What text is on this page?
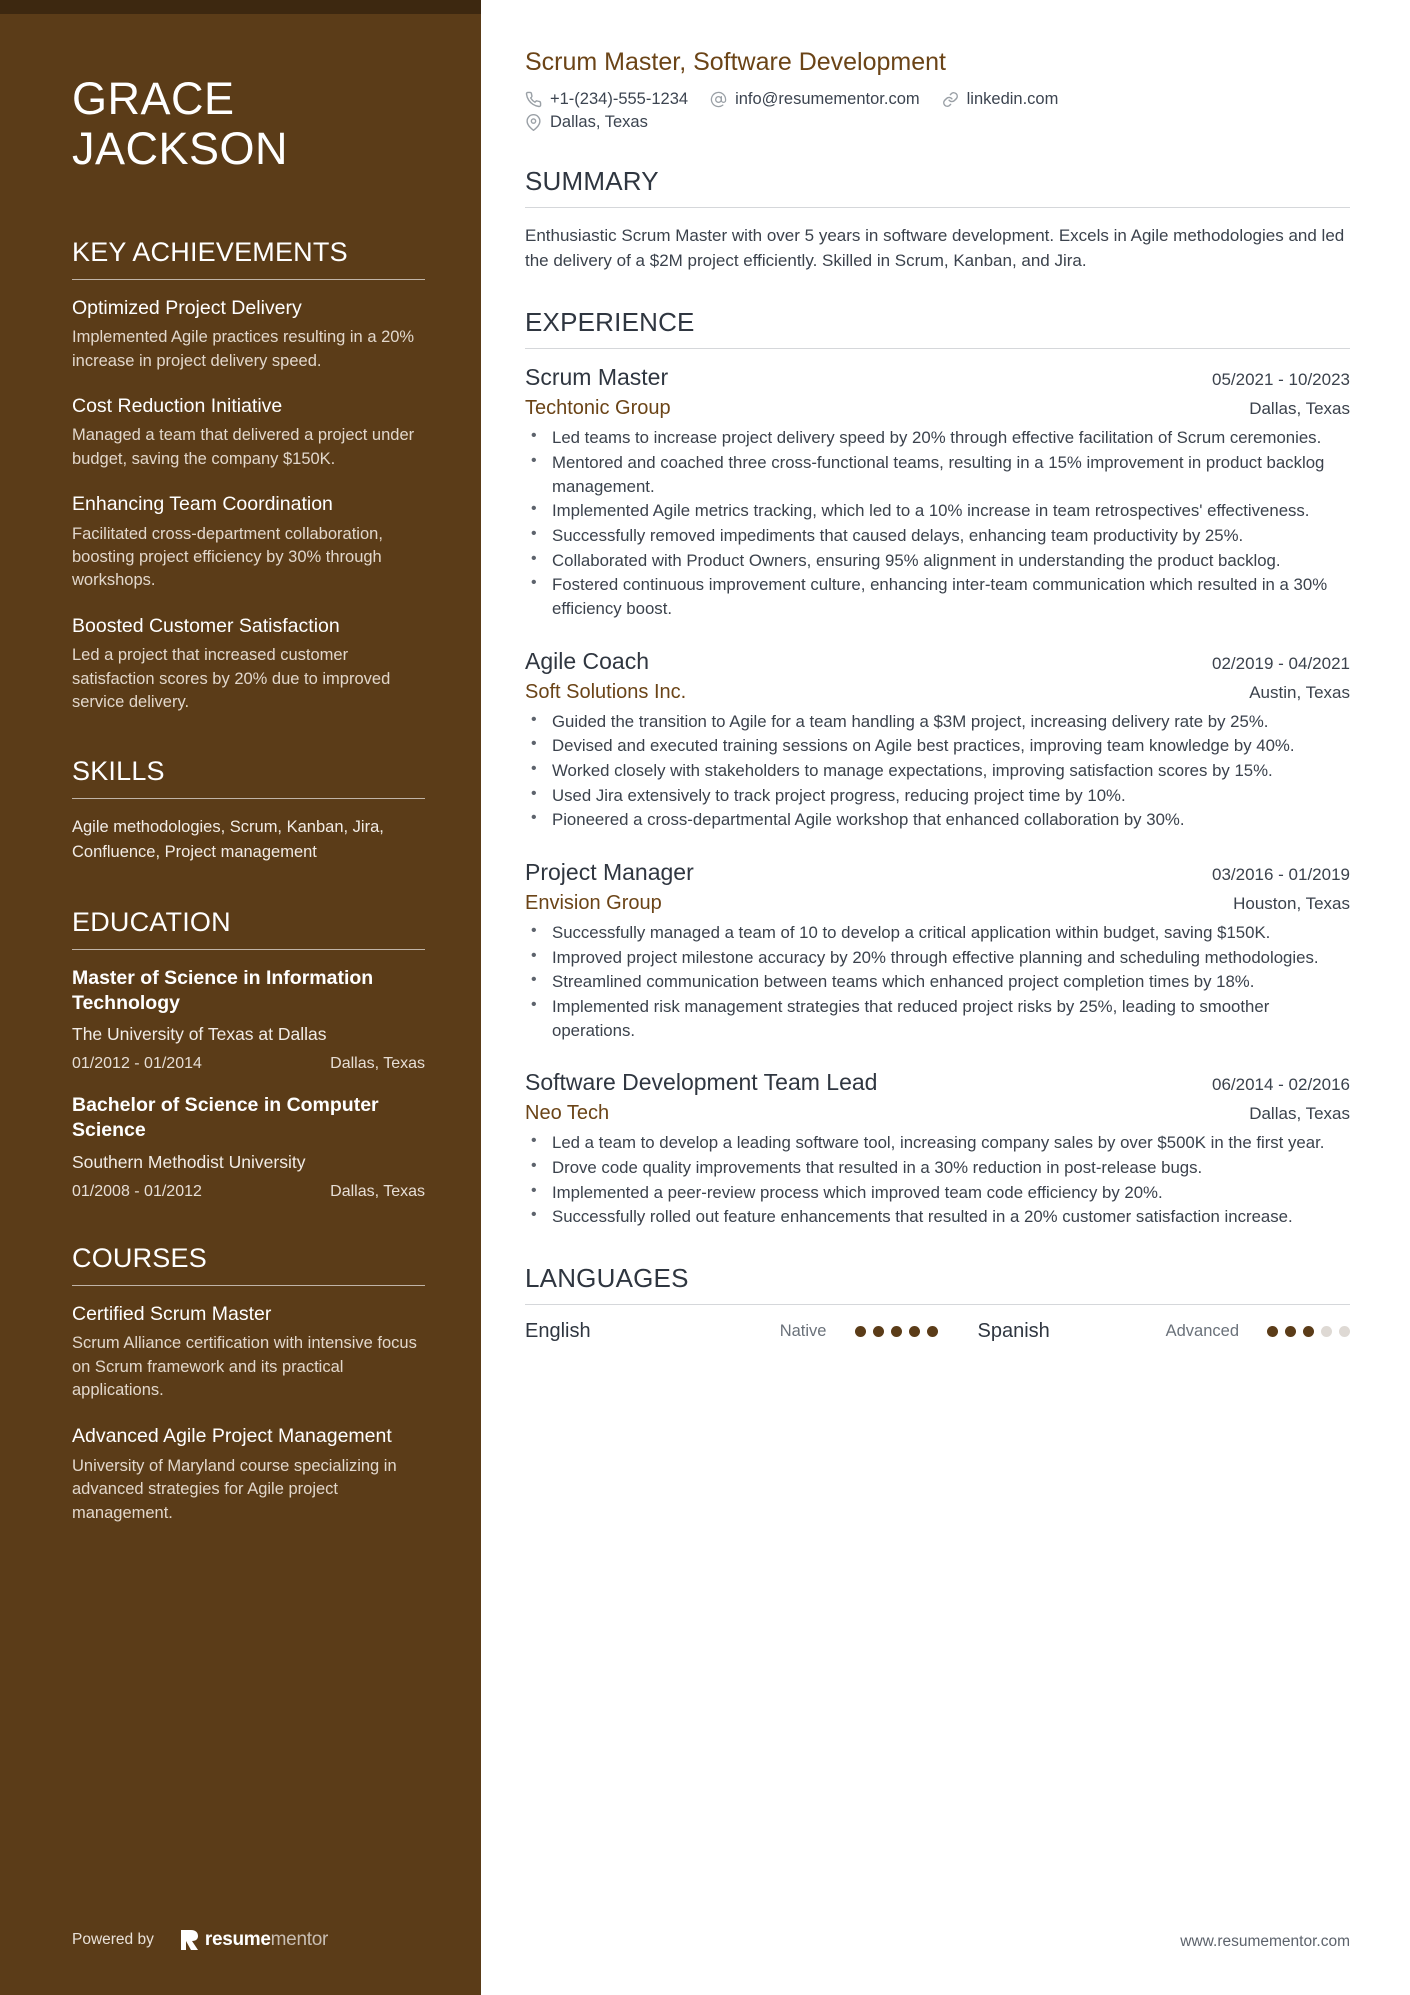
GRACE
JACKSON
KEY ACHIEVEMENTS
Optimized Project Delivery
Implemented Agile practices resulting in a 20% increase in project delivery speed.
Cost Reduction Initiative
Managed a team that delivered a project under budget, saving the company $150K.
Enhancing Team Coordination
Facilitated cross-department collaboration, boosting project efficiency by 30% through workshops.
Boosted Customer Satisfaction
Led a project that increased customer satisfaction scores by 20% due to improved service delivery.
SKILLS
Agile methodologies, Scrum, Kanban, Jira, Confluence, Project management
EDUCATION
Master of Science in Information Technology
The University of Texas at Dallas
01/2012 - 01/2014	Dallas, Texas
Bachelor of Science in Computer Science
Southern Methodist University
01/2008 - 01/2012	Dallas, Texas
COURSES
Certified Scrum Master
Scrum Alliance certification with intensive focus on Scrum framework and its practical applications.
Advanced Agile Project Management
University of Maryland course specializing in advanced strategies for Agile project management.
Powered by	resumementor
Scrum Master, Software Development
+1-(234)-555-1234	info@resumementor.com	linkedin.com
Dallas, Texas
SUMMARY

Enthusiastic Scrum Master with over 5 years in software development. Excels in Agile methodologies and led the delivery of a $2M project efficiently. Skilled in Scrum, Kanban, and Jira.

EXPERIENCE
Scrum Master	05/2021 - 10/2023
Techtonic Group	Dallas, Texas
• Led teams to increase project delivery speed by 20% through effective facilitation of Scrum ceremonies.
• Mentored and coached three cross-functional teams, resulting in a 15% improvement in product backlog management.
• Implemented Agile metrics tracking, which led to a 10% increase in team retrospectives' effectiveness.
• Successfully removed impediments that caused delays, enhancing team productivity by 25%.
• Collaborated with Product Owners, ensuring 95% alignment in understanding the product backlog.
• Fostered continuous improvement culture, enhancing inter-team communication which resulted in a 30% efficiency boost.
Agile Coach	02/2019 - 04/2021
Soft Solutions Inc.	Austin, Texas
• Guided the transition to Agile for a team handling a $3M project, increasing delivery rate by 25%.
• Devised and executed training sessions on Agile best practices, improving team knowledge by 40%.
• Worked closely with stakeholders to manage expectations, improving satisfaction scores by 15%.
• Used Jira extensively to track project progress, reducing project time by 10%.
• Pioneered a cross-departmental Agile workshop that enhanced collaboration by 30%.
Project Manager	03/2016 - 01/2019
Envision Group	Houston, Texas
• Successfully managed a team of 10 to develop a critical application within budget, saving $150K.
• Improved project milestone accuracy by 20% through effective planning and scheduling methodologies.
• Streamlined communication between teams which enhanced project completion times by 18%.
• Implemented risk management strategies that reduced project risks by 25%, leading to smoother operations.
Software Development Team Lead	06/2014 - 02/2016
Neo Tech	Dallas, Texas
• Led a team to develop a leading software tool, increasing company sales by over $500K in the first year.
• Drove code quality improvements that resulted in a 30% reduction in post-release bugs.
• Implemented a peer-review process which improved team code efficiency by 20%.
• Successfully rolled out feature enhancements that resulted in a 20% customer satisfaction increase.
LANGUAGES
English	Native	Spanish	Advanced
www.resumementor.com
